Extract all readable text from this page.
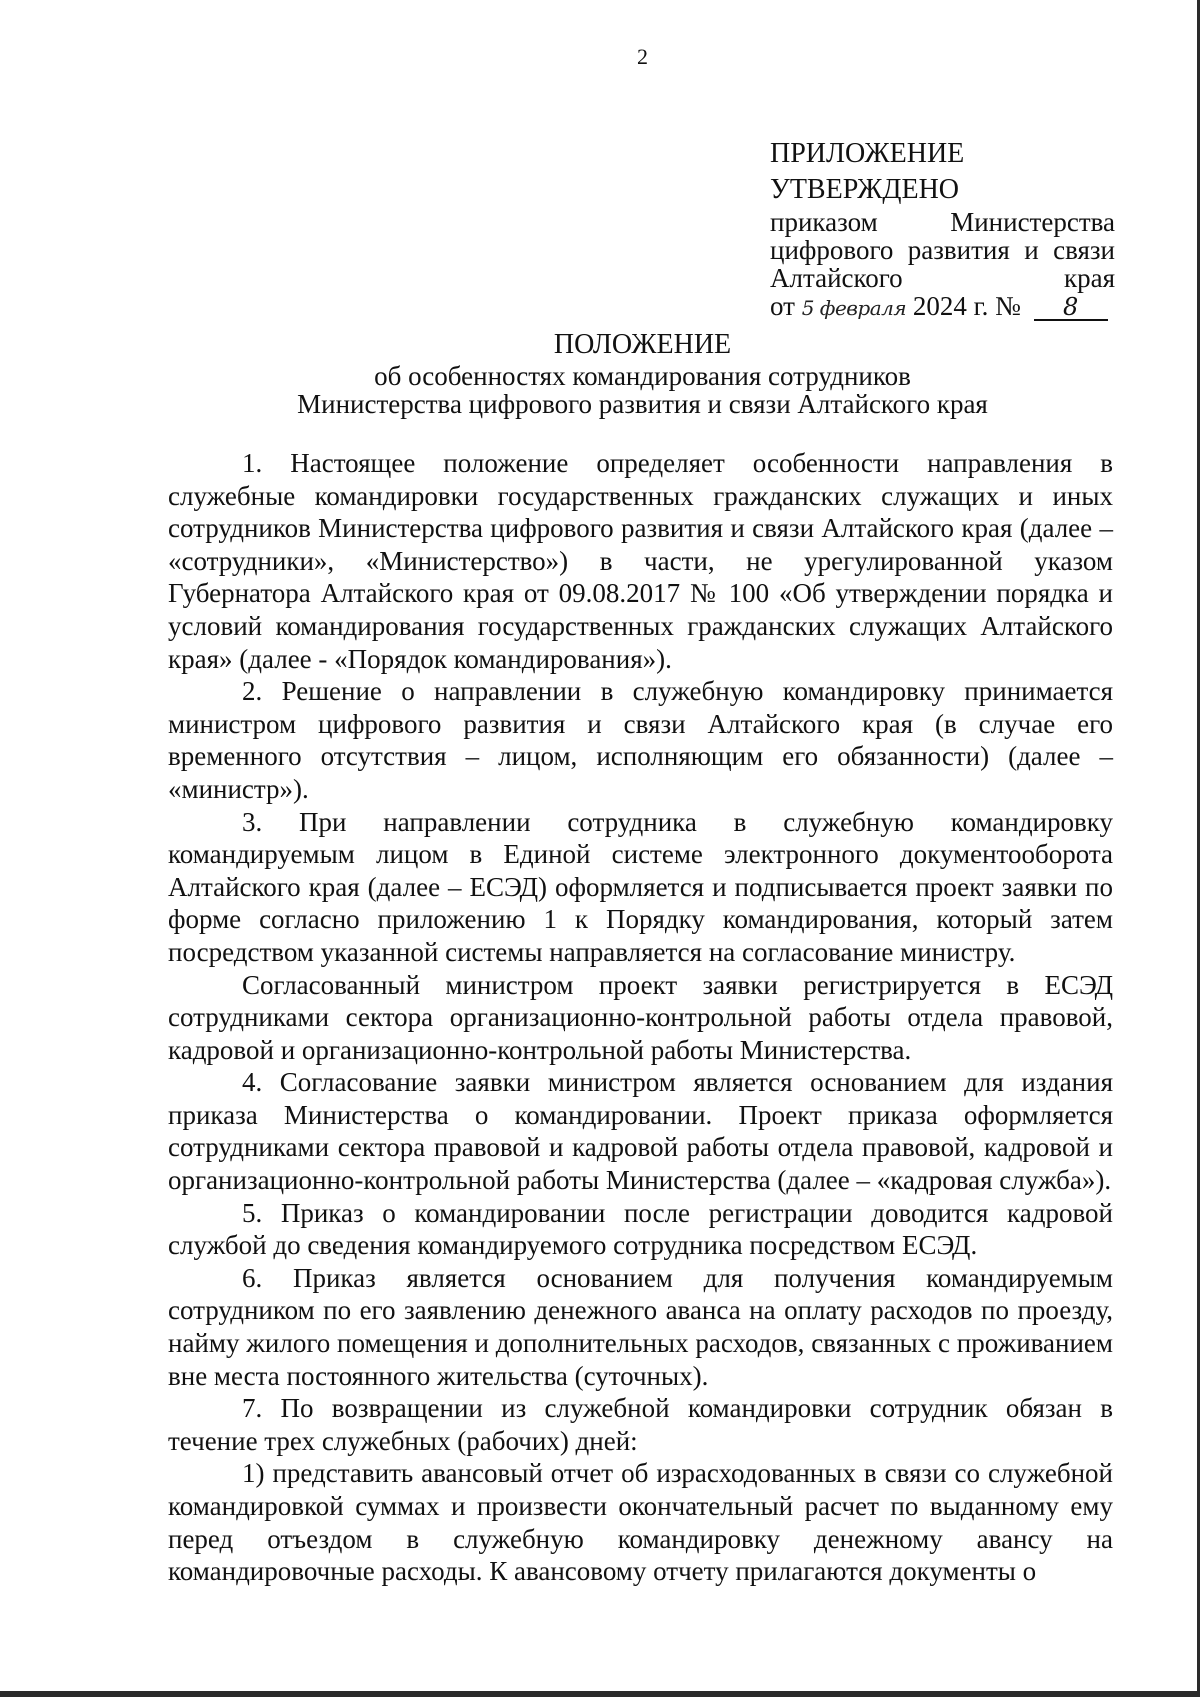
2
ПРИЛОЖЕНИЕ
УТВЕРЖДЕНО
приказом Министерства цифрового развития и связи Алтайского края
от 5 февраля 2024 г. № 8
ПОЛОЖЕНИЕ
об особенностях командирования сотрудников
Министерства цифрового развития и связи Алтайского края

1. Настоящее положение определяет особенности направления в служебные командировки государственных гражданских служащих и иных сотрудников Министерства цифрового развития и связи Алтайского края (далее – «сотрудники», «Министерство») в части, не урегулированной указом Губернатора Алтайского края от 09.08.2017 № 100 «Об утверждении порядка и условий командирования государственных гражданских служащих Алтайского края» (далее - «Порядок командирования»).

2. Решение о направлении в служебную командировку принимается министром цифрового развития и связи Алтайского края (в случае его временного отсутствия – лицом, исполняющим его обязанности) (далее – «министр»).

3. При направлении сотрудника в служебную командировку командируемым лицом в Единой системе электронного документооборота Алтайского края (далее – ЕСЭД) оформляется и подписывается проект заявки по форме согласно приложению 1 к Порядку командирования, который затем посредством указанной системы направляется на согласование министру.

Согласованный министром проект заявки регистрируется в ЕСЭД сотрудниками сектора организационно-контрольной работы отдела правовой, кадровой и организационно-контрольной работы Министерства.

4. Согласование заявки министром является основанием для издания приказа Министерства о командировании. Проект приказа оформляется сотрудниками сектора правовой и кадровой работы отдела правовой, кадровой и организационно-контрольной работы Министерства (далее – «кадровая служба»).

5. Приказ о командировании после регистрации доводится кадровой службой до сведения командируемого сотрудника посредством ЕСЭД.

6. Приказ является основанием для получения командируемым сотрудником по его заявлению денежного аванса на оплату расходов по проезду, найму жилого помещения и дополнительных расходов, связанных с проживанием вне места постоянного жительства (суточных).

7. По возвращении из служебной командировки сотрудник обязан в течение трех служебных (рабочих) дней:

1) представить авансовый отчет об израсходованных в связи со служебной командировкой суммах и произвести окончательный расчет по выданному ему перед отъездом в служебную командировку денежному авансу на командировочные расходы. К авансовому отчету прилагаются документы о
